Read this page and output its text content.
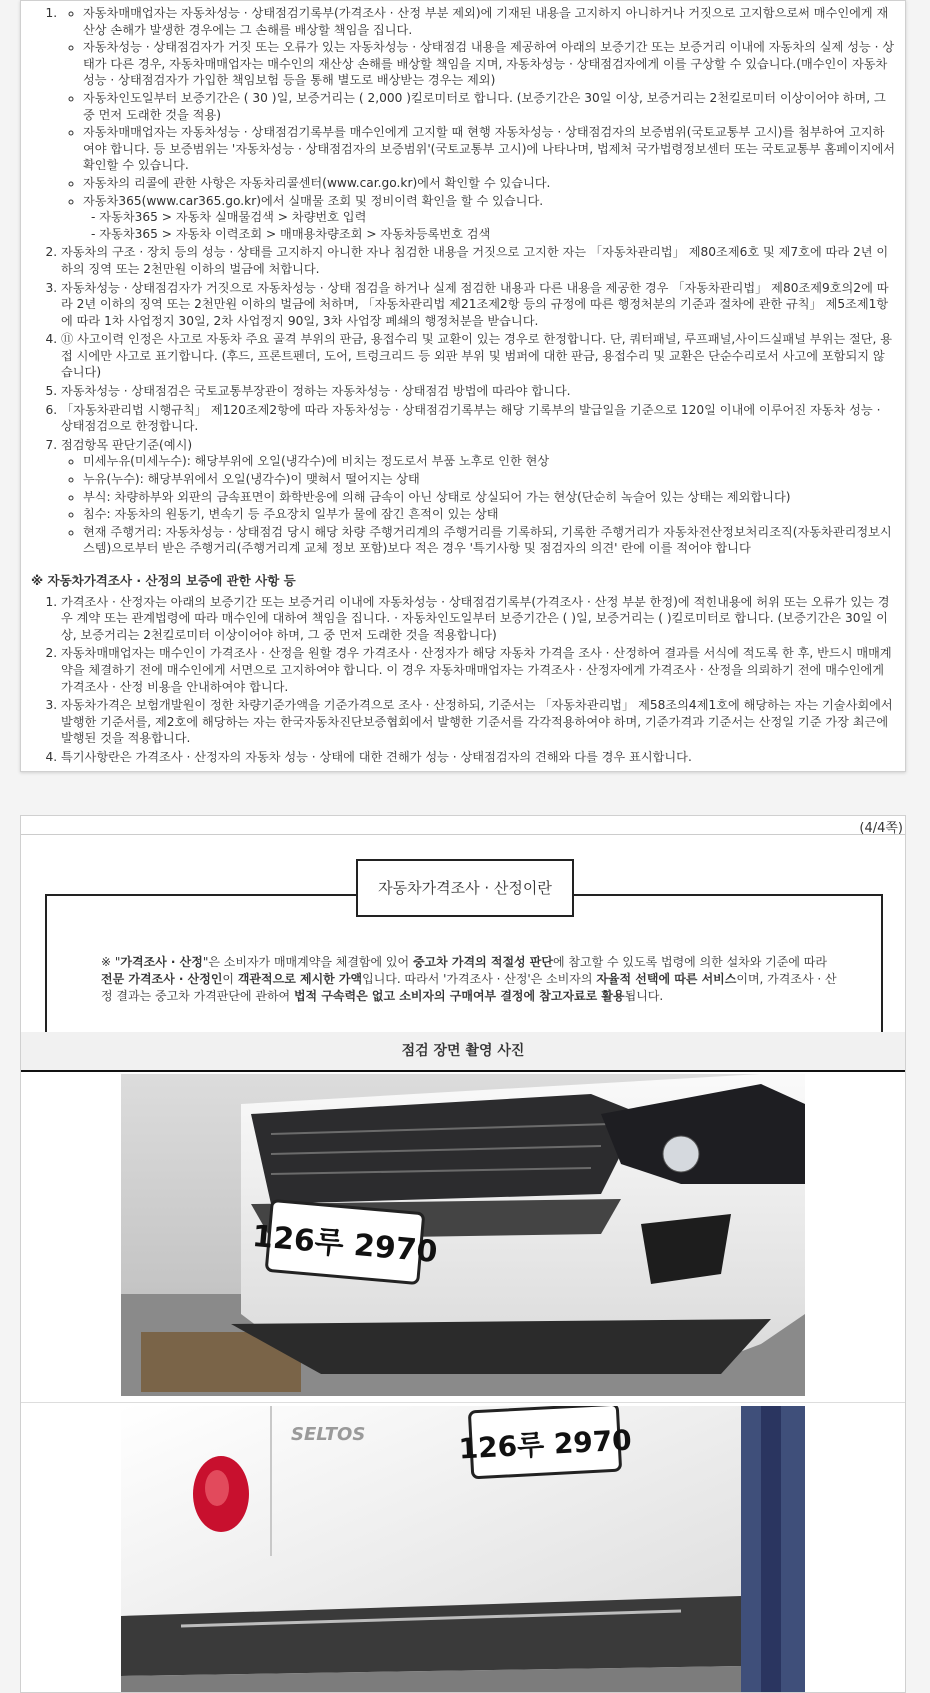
◦ 1. 자동차매매업자는 자동차성능 · 상태점검기록부(가격조사 · 산정 부분 제외)에 기재된 내용을 고지하지 아니하거나 거짓으로 고지함으로써 매수인에게 재산상 손해가 발생한 경우에는 그 손해를 배상할 책임을 집니다.
◦ 자동차성능 · 상태점검자가 거짓 또는 오류가 있는 자동차성능 · 상태점검 내용을 제공하여 아래의 보증기간 또는 보증거리 이내에 자동차의 실제 성능 · 상태가 다른 경우, 자동차매매업자는 매수인의 재산상 손해를 배상할 책임을 지며, 자동차성능 · 상태점검자에게 이를 구상할 수 있습니다.(매수인이 자동차성능 · 상태점검자가 가입한 책임보험 등을 통해 별도로 배상받는 경우는 제외)
◦ 자동차인도일부터 보증기간은 ( 30 )일, 보증거리는 ( 2,000 )킬로미터로 합니다. (보증기간은 30일 이상, 보증거리는 2천킬로미터 이상이어야 하며, 그 중 먼저 도래한 것을 적용)
◦ 자동차매매업자는 자동차성능 · 상태점검기록부를 매수인에게 고지할 때 현행 자동차성능 · 상태점검자의 보증범위(국토교통부 고시)를 첨부하여 고지하여야 합니다. 등 보증범위는 '자동차성능 · 상태점검자의 보증범위'(국토교통부 고시)에 나타나며, 법제처 국가법령정보센터 또는 국토교통부 홈페이지에서 확인할 수 있습니다.
◦ 자동차의 리콜에 관한 사항은 자동차리콜센터(www.car.go.kr)에서 확인할 수 있습니다.
◦ 자동차365(www.car365.go.kr)에서 실매물 조회 및 정비이력 확인을 할 수 있습니다.
- 자동차365 > 자동차 실매물검색 > 차량번호 입력
- 자동차365 > 자동차 이력조회 > 매매용차량조회 > 자동차등록번호 검색
2. 자동차의 구조 · 장치 등의 성능 · 상태를 고지하지 아니한 자나 침검한 내용을 거짓으로 고지한 자는 「자동차관리법」 제80조제6호 및 제7호에 따라 2년 이하의 징역 또는 2천만원 이하의 벌금에 처합니다.
3. 자동차성능 · 상태점검자가 거짓으로 자동차성능 · 상태 점검을 하거나 실제 점검한 내용과 다른 내용을 제공한 경우 「자동차관리법」 제80조제9호의2에 따라 2년 이하의 징역 또는 2천만원 이하의 벌금에 처하며, 「자동차관리법 제21조제2항 등의 규정에 따른 행정처분의 기준과 절차에 관한 규칙」 제5조제1항에 따라 1차 사업정지 30일, 2차 사업정지 90일, 3차 사업장 폐쇄의 행정처분을 받습니다.
4. ⑪ 사고이력 인정은 사고로 자동차 주요 골격 부위의 판금, 용접수리 및 교환이 있는 경우로 한정합니다. 단, 쿼터패널, 루프패널,사이드실패널 부위는 절단, 용접 시에만 사고로 표기합니다. (후드, 프론트펜더, 도어, 트렁크리드 등 외판 부위 및 범퍼에 대한 판금, 용접수리 및 교환은 단순수리로서 사고에 포함되지 않습니다)
5. 자동차성능 · 상태점검은 국토교통부장관이 정하는 자동차성능 · 상태점검 방법에 따라야 합니다.
6. 「자동차관리법 시행규칙」 제120조제2항에 따라 자동차성능 · 상태점검기록부는 해당 기록부의 발급일을 기준으로 120일 이내에 이루어진 자동차 성능 · 상태점검으로 한정합니다.
7. 점검항목 판단기준(예시)
◦ 미세누유(미세누수): 해당부위에 오일(냉각수)에 비치는 정도로서 부품 노후로 인한 현상
◦ 누유(누수): 해당부위에서 오일(냉각수)이 맺혀서 떨어지는 상태
◦ 부식: 차량하부와 외판의 금속표면이 화학반응에 의해 금속이 아닌 상태로 상실되어 가는 현상(단순히 녹슬어 있는 상태는 제외합니다)
◦ 침수: 자동차의 원동기, 변속기 등 주요장치 일부가 물에 잠긴 흔적이 있는 상태
◦ 현재 주행거리: 자동차성능 · 상태점검 당시 해당 차량 주행거리계의 주행거리를 기록하되, 기록한 주행거리가 자동차전산정보처리조직(자동차관리정보시스템)으로부터 받은 주행거리(주행거리계 교체 정보 포함)보다 적은 경우 '특기사항 및 점검자의 의견' 란에 이를 적어야 합니다
※ 자동차가격조사 · 산정의 보증에 관한 사항 등
1. 가격조사 · 산정자는 아래의 보증기간 또는 보증거리 이내에 자동차성능 · 상태점검기록부(가격조사 · 산정 부분 한정)에 적힌내용에 허위 또는 오류가 있는 경우 계약 또는 관계법령에 따라 매수인에 대하여 책임을 집니다. · 자동차인도일부터 보증기간은 ( )일, 보증거리는 ( )킬로미터로 합니다. (보증기간은 30일 이상, 보증거리는 2천킬로미터 이상이어야 하며, 그 중 먼저 도래한 것을 적용합니다)
2. 자동차매매업자는 매수인이 가격조사 · 산정을 원할 경우 가격조사 · 산정자가 해당 자동차 가격을 조사 · 산정하여 결과를 서식에 적도록 한 후, 반드시 매매계약을 체결하기 전에 매수인에게 서면으로 고지하여야 합니다. 이 경우 자동차매매업자는 가격조사 · 산정자에게 가격조사 · 산정을 의뢰하기 전에 매수인에게 가격조사 · 산정 비용을 안내하여야 합니다.
3. 자동차가격은 보험개발원이 정한 차량기준가액을 기준가격으로 조사 · 산정하되, 기준서는 「자동차관리법」 제58조의4제1호에 해당하는 자는 기술사회에서 발행한 기준서를, 제2호에 해당하는 자는 한국자동차진단보증협회에서 발행한 기준서를 각각적용하여야 하며, 기준가격과 기준서는 산정일 기준 가장 최근에 발행된 것을 적용합니다.
4. 특기사항란은 가격조사 · 산정자의 자동차 성능 · 상태에 대한 견해가 성능 · 상태점검자의 견해와 다를 경우 표시합니다.
(4/4쪽)
자동차가격조사 · 산정이란
※ "가격조사 · 산정"은 소비자가 매매계약을 체결함에 있어 중고차 가격의 적절성 판단에 참고할 수 있도록 법령에 의한 설차와 기준에 따라 전문 가격조사 · 산정인이 객관적으로 제시한 가액입니다. 따라서 '가격조사 · 산정'은 소비자의 자율적 선택에 따른 서비스이며, 가격조사 · 산정 결과는 중고차 가격판단에 관하여 법적 구속력은 없고 소비자의 구매여부 결정에 참고자료로 활용됩니다.
점검 장면 촬영 사진
126루 2970
SELTOS	126루 2970
